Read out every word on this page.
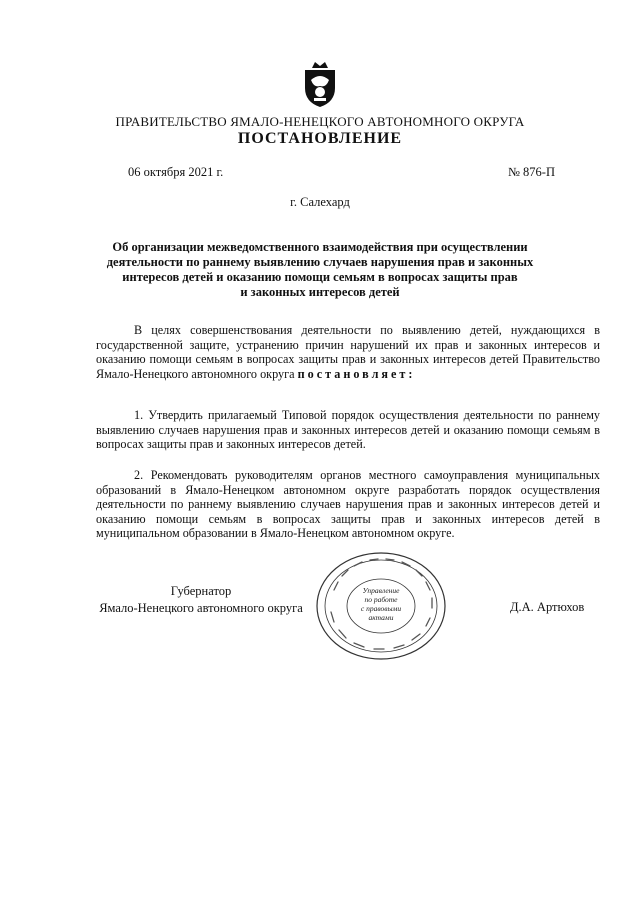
ПРАВИТЕЛЬСТВО ЯМАЛО-НЕНЕЦКОГО АВТОНОМНОГО ОКРУГА
ПОСТАНОВЛЕНИЕ
06 октября 2021 г.	№ 876-П
г. Салехард
Об организации межведомственного взаимодействия при осуществлении
деятельности по раннему выявлению случаев нарушения прав и законных
интересов детей и оказанию помощи семьям в вопросах защиты прав
и законных интересов детей
В целях совершенствования деятельности по выявлению детей, нуждающихся в государственной защите, устранению причин нарушений их прав и законных интересов и оказанию помощи семьям в вопросах защиты прав и законных интересов детей Правительство Ямало-Ненецкого автономного округа постановляет:
1. Утвердить прилагаемый Типовой порядок осуществления деятельности по раннему выявлению случаев нарушения прав и законных интересов детей и оказанию помощи семьям в вопросах защиты прав и законных интересов детей.
2. Рекомендовать руководителям органов местного самоуправления муниципальных образований в Ямало-Ненецком автономном округе разработать порядок осуществления деятельности по раннему выявлению случаев нарушения прав и законных интересов детей и оказанию помощи семьям в вопросах защиты прав и законных интересов детей в муниципальном образовании в Ямало-Ненецком автономном округе.
Губернатор
Ямало-Ненецкого автономного округа
Управление
по работе
с правовыми
актами
Д.А. Артюхов
